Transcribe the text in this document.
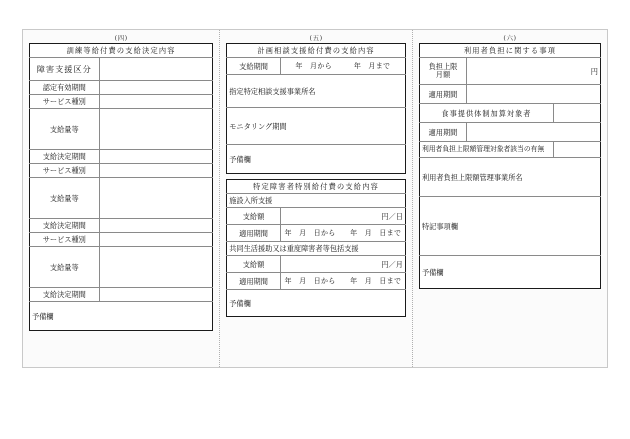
(四)
訓練等給付費の支給決定内容	
障害支援区分	
認定有効期間	
サービス種別	
支給量等	
支給決定期間	
サービス種別	
支給量等	
支給決定期間	
サービス種別	
支給量等	
支給決定期間	
予備欄	
(五)
計画相談支援給付費の支給内容
支給期間	年　月から　　　年　月まで

指定特定相談支援事業所名
モニタリング期間
予備欄
特定障害者特別給付費の支給内容	
施設入所支援	
支給額	円／日
適用期間	年　月　日から　　年　月　日まで

共同生活援助又は重度障害者等包括支援	
支給額	円／月
適用期間	年　月　日から　　年　月　日まで

予備欄	
(六)
利用者負担に関する事項		

負担上限
月額	円	
適用期間		
食事提供体制加算対象者		
適用期間		
利用者負担上限額管理対象者該当の有無		
利用者負担上限額管理事業所名		
特記事項欄		
予備欄		
